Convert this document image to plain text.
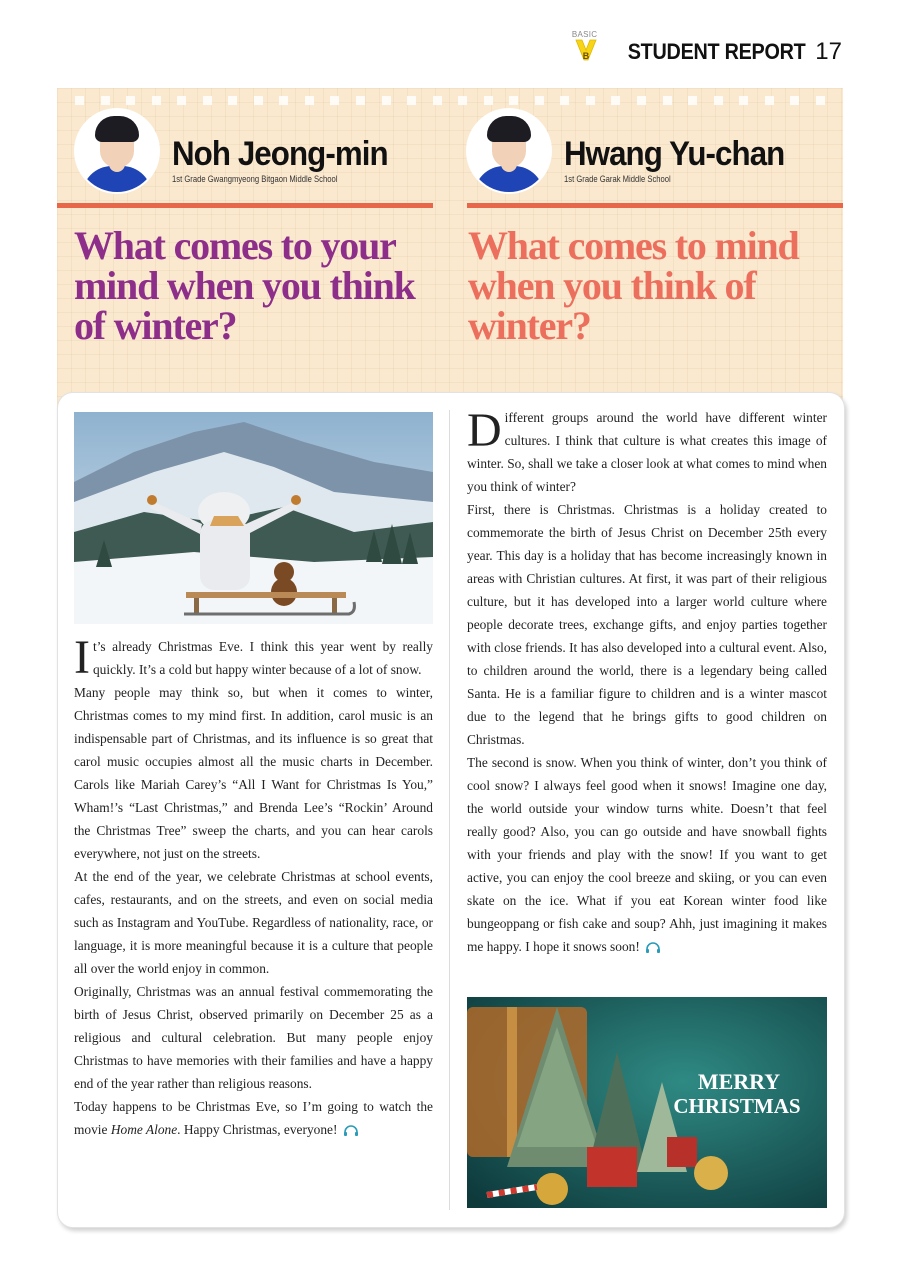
BASIC
B STUDENT REPORT 17
Noh Jeong-min
1st Grade Gwangmyeong Bitgaon Middle School
What comes to your mind when you think of winter?
Hwang Yu-chan
1st Grade Garak Middle School
What comes to mind when you think of winter?

It’s already Christmas Eve. I think this year went by really quickly. It’s a cold but happy winter because of a lot of snow.

Many people may think so, but when it comes to winter, Christmas comes to my mind first. In addition, carol music is an indispensable part of Christmas, and its influence is so great that carol music occupies almost all the music charts in December. Carols like Mariah Carey’s “All I Want for Christmas Is You,” Wham!’s “Last Christmas,” and Brenda Lee’s “Rockin’ Around the Christmas Tree” sweep the charts, and you can hear carols everywhere, not just on the streets.

At the end of the year, we celebrate Christmas at school events, cafes, restaurants, and on the streets, and even on social media such as Instagram and YouTube. Regardless of nationality, race, or language, it is more meaningful because it is a culture that people all over the world enjoy in common.

Originally, Christmas was an annual festival commemorating the birth of Jesus Christ, observed primarily on December 25 as a religious and cultural celebration. But many people enjoy Christmas to have memories with their families and have a happy end of the year rather than religious reasons.

Today happens to be Christmas Eve, so I’m going to watch the movie Home Alone. Happy Christmas, everyone!

Different groups around the world have different winter cultures. I think that culture is what creates this image of winter. So, shall we take a closer look at what comes to mind when you think of winter?

First, there is Christmas. Christmas is a holiday created to commemorate the birth of Jesus Christ on December 25th every year. This day is a holiday that has become increasingly known in areas with Christian cultures. At first, it was part of their religious culture, but it has developed into a larger world culture where people decorate trees, exchange gifts, and enjoy parties together with close friends. It has also developed into a cultural event. Also, to children around the world, there is a legendary being called Santa. He is a familiar figure to children and is a winter mascot due to the legend that he brings gifts to good children on Christmas.

The second is snow. When you think of winter, don’t you think of cool snow? I always feel good when it snows! Imagine one day, the world outside your window turns white. Doesn’t that feel really good? Also, you can go outside and have snowball fights with your friends and play with the snow! If you want to get active, you can enjoy the cool breeze and skiing, or you can even skate on the ice. What if you eat Korean winter food like bungeoppang or fish cake and soup? Ahh, just imagining it makes me happy. I hope it snows soon!

MERRY
CHRISTMAS
